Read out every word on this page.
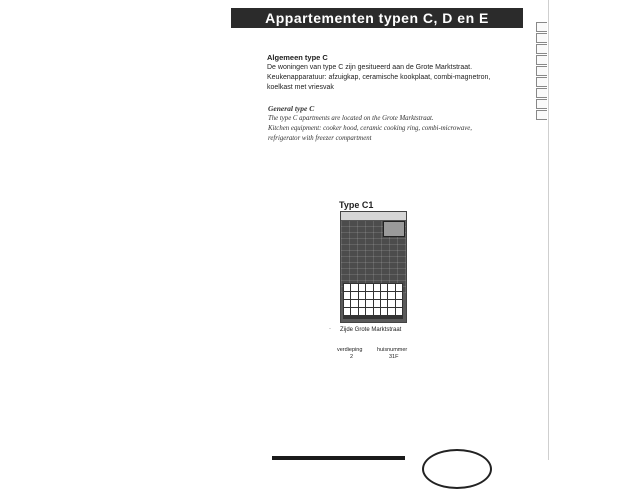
Appartementen typen C, D en E
Algemeen type C
De woningen van type C zijn gesitueerd aan de Grote Marktstraat.
Keukenapparatuur: afzuigkap, ceramische kookplaat, combi-magnetron,
koelkast met vriesvak
General type C
The type C apartments are located on the Grote Marktstraat.
Kitchen equipment: cooker hood, ceramic cooking ring, combi-microwave,
refrigerator with freezer compartment
Type C1
· Zijde Grote Marktstraat
verdieping
2
huisnummer
31F
